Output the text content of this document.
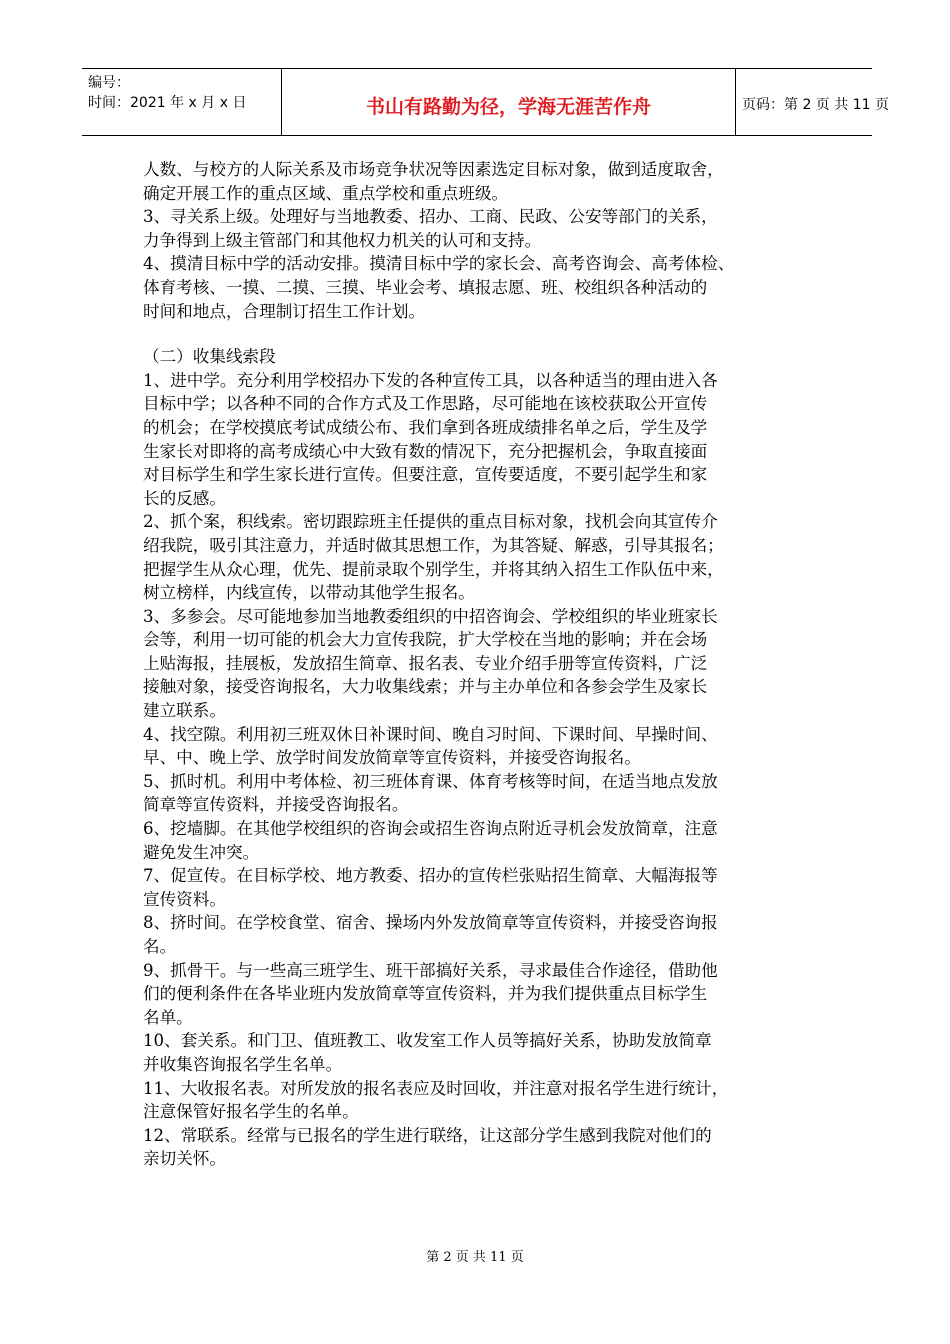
编号：
时间：2021 年 x 月 x 日	书山有路勤为径，学海无涯苦作舟	页码：第 2 页 共 11 页
人数、与校方的人际关系及市场竞争状况等因素选定目标对象，做到适度取舍，
确定开展工作的重点区域、重点学校和重点班级。
3、寻关系上级。处理好与当地教委、招办、工商、民政、公安等部门的关系，
力争得到上级主管部门和其他权力机关的认可和支持。
4、摸清目标中学的活动安排。摸清目标中学的家长会、高考咨询会、高考体检、
体育考核、一摸、二摸、三摸、毕业会考、填报志愿、班、校组织各种活动的
时间和地点，合理制订招生工作计划。
（二）收集线索段
1、进中学。充分利用学校招办下发的各种宣传工具，以各种适当的理由进入各
目标中学；以各种不同的合作方式及工作思路，尽可能地在该校获取公开宣传
的机会；在学校摸底考试成绩公布、我们拿到各班成绩排名单之后，学生及学
生家长对即将的高考成绩心中大致有数的情况下，充分把握机会，争取直接面
对目标学生和学生家长进行宣传。但要注意，宣传要适度，不要引起学生和家
长的反感。
2、抓个案，积线索。密切跟踪班主任提供的重点目标对象，找机会向其宣传介
绍我院，吸引其注意力，并适时做其思想工作，为其答疑、解惑，引导其报名；
把握学生从众心理，优先、提前录取个别学生，并将其纳入招生工作队伍中来，
树立榜样，内线宣传，以带动其他学生报名。
3、多参会。尽可能地参加当地教委组织的中招咨询会、学校组织的毕业班家长
会等，利用一切可能的机会大力宣传我院，扩大学校在当地的影响；并在会场
上贴海报，挂展板，发放招生简章、报名表、专业介绍手册等宣传资料，广泛
接触对象，接受咨询报名，大力收集线索；并与主办单位和各参会学生及家长
建立联系。
4、找空隙。利用初三班双休日补课时间、晚自习时间、下课时间、早操时间、
早、中、晚上学、放学时间发放简章等宣传资料，并接受咨询报名。
5、抓时机。利用中考体检、初三班体育课、体育考核等时间，在适当地点发放
简章等宣传资料，并接受咨询报名。
6、挖墙脚。在其他学校组织的咨询会或招生咨询点附近寻机会发放简章，注意
避免发生冲突。
7、促宣传。在目标学校、地方教委、招办的宣传栏张贴招生简章、大幅海报等
宣传资料。
8、挤时间。在学校食堂、宿舍、操场内外发放简章等宣传资料，并接受咨询报
名。
9、抓骨干。与一些高三班学生、班干部搞好关系，寻求最佳合作途径，借助他
们的便利条件在各毕业班内发放简章等宣传资料，并为我们提供重点目标学生
名单。
10、套关系。和门卫、值班教工、收发室工作人员等搞好关系，协助发放简章
并收集咨询报名学生名单。
11、大收报名表。对所发放的报名表应及时回收，并注意对报名学生进行统计，
注意保管好报名学生的名单。
12、常联系。经常与已报名的学生进行联络，让这部分学生感到我院对他们的
亲切关怀。
第 2 页 共 11 页
